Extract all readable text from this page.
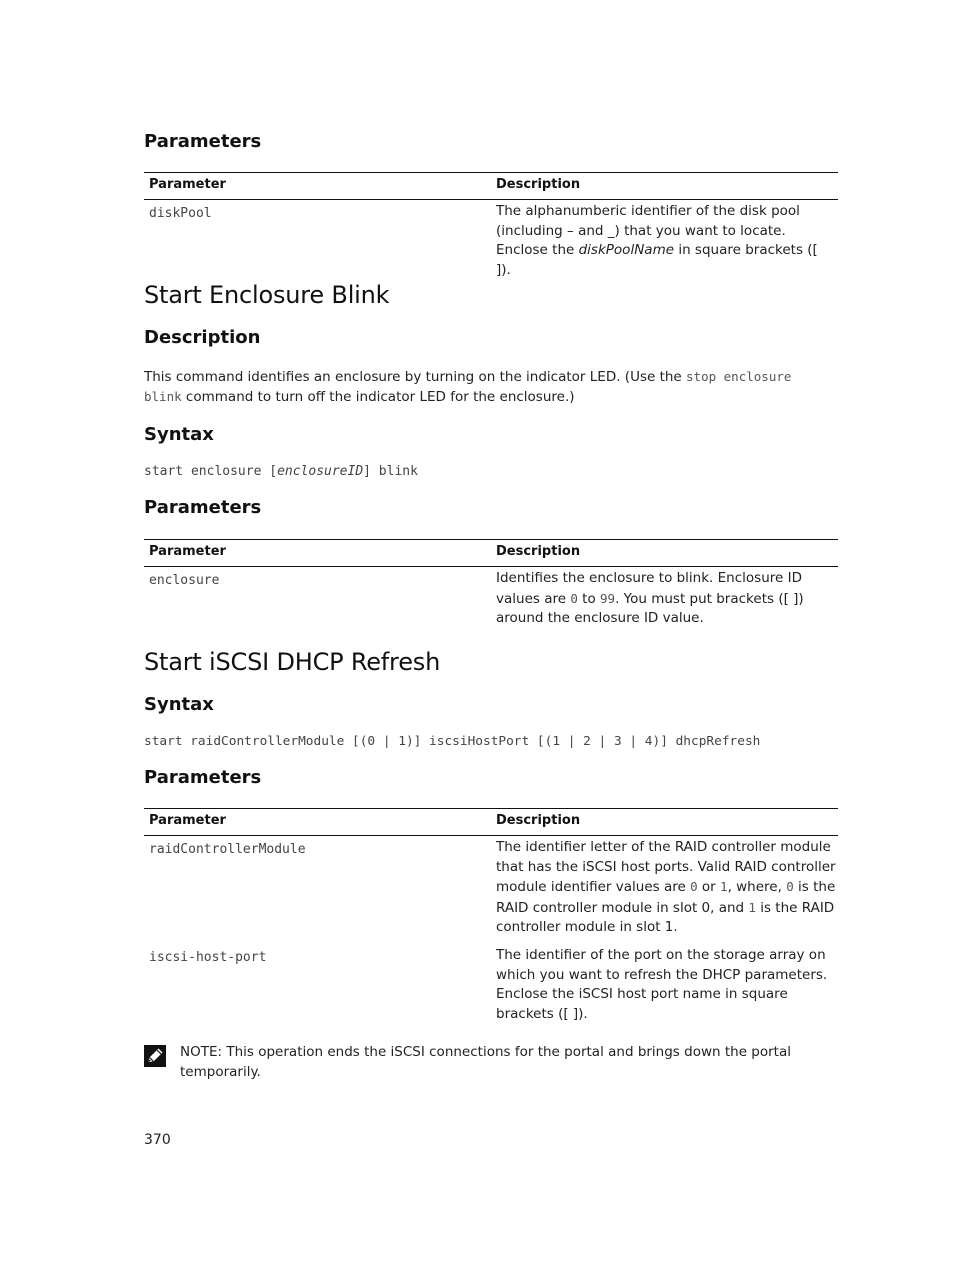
Parameters
Parameter	Description
diskPool	The alphanumberic identifier of the disk pool (including – and _) that you want to locate. Enclose the diskPoolName in square brackets ([ ]).
Start Enclosure Blink
Description
This command identifies an enclosure by turning on the indicator LED. (Use the stop enclosure blink command to turn off the indicator LED for the enclosure.)
Syntax
start enclosure [enclosureID] blink
Parameters
Parameter	Description
enclosure	Identifies the enclosure to blink. Enclosure ID values are 0 to 99. You must put brackets ([ ]) around the enclosure ID value.
Start iSCSI DHCP Refresh
Syntax
start raidControllerModule [(0 | 1)] iscsiHostPort [(1 | 2 | 3 | 4)] dhcpRefresh
Parameters
Parameter	Description
raidControllerModule	The identifier letter of the RAID controller module that has the iSCSI host ports. Valid RAID controller module identifier values are 0 or 1, where, 0 is the RAID controller module in slot 0, and 1 is the RAID controller module in slot 1.
iscsi-host-port	The identifier of the port on the storage array on which you want to refresh the DHCP parameters. Enclose the iSCSI host port name in square brackets ([ ]).
NOTE: This operation ends the iSCSI connections for the portal and brings down the portal temporarily.
370
